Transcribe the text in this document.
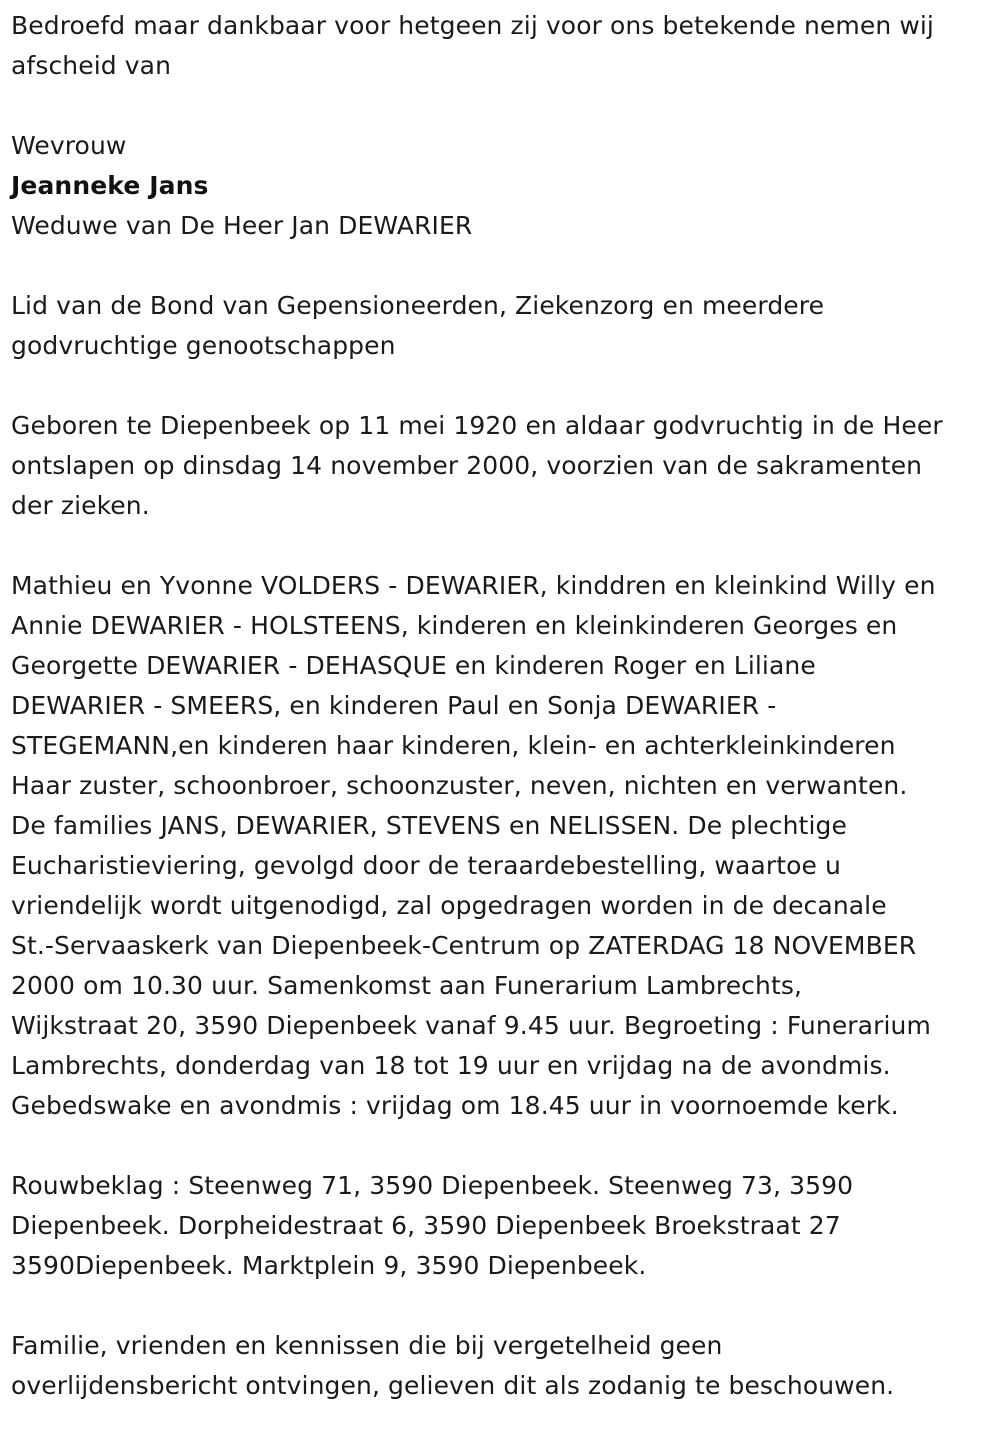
Bedroefd maar dankbaar voor hetgeen zij voor ons betekende nemen wij
afscheid van

Wevrouw

Jeanneke Jans

Weduwe van De Heer Jan DEWARIER

Lid van de Bond van Gepensioneerden, Ziekenzorg en meerdere
godvruchtige genootschappen

Geboren te Diepenbeek op 11 mei 1920 en aldaar godvruchtig in de Heer
ontslapen op dinsdag 14 november 2000, voorzien van de sakramenten
der zieken.

Mathieu en Yvonne VOLDERS - DEWARIER, kinddren en kleinkind Willy en
Annie DEWARIER - HOLSTEENS, kinderen en kleinkinderen Georges en
Georgette DEWARIER - DEHASQUE en kinderen Roger en Liliane
DEWARIER - SMEERS, en kinderen Paul en Sonja DEWARIER -
STEGEMANN,en kinderen haar kinderen, klein- en achterkleinkinderen
Haar zuster, schoonbroer, schoonzuster, neven, nichten en verwanten.
De families JANS, DEWARIER, STEVENS en NELISSEN. De plechtige
Eucharistieviering, gevolgd door de teraardebestelling, waartoe u
vriendelijk wordt uitgenodigd, zal opgedragen worden in de decanale
St.-Servaaskerk van Diepenbeek-Centrum op ZATERDAG 18 NOVEMBER
2000 om 10.30 uur. Samenkomst aan Funerarium Lambrechts,
Wijkstraat 20, 3590 Diepenbeek vanaf 9.45 uur. Begroeting : Funerarium
Lambrechts, donderdag van 18 tot 19 uur en vrijdag na de avondmis.
Gebedswake en avondmis : vrijdag om 18.45 uur in voornoemde kerk.

Rouwbeklag : Steenweg 71, 3590 Diepenbeek. Steenweg 73, 3590
Diepenbeek. Dorpheidestraat 6, 3590 Diepenbeek Broekstraat 27
3590Diepenbeek. Marktplein 9, 3590 Diepenbeek.

Familie, vrienden en kennissen die bij vergetelheid geen
overlijdensbericht ontvingen, gelieven dit als zodanig te beschouwen.
